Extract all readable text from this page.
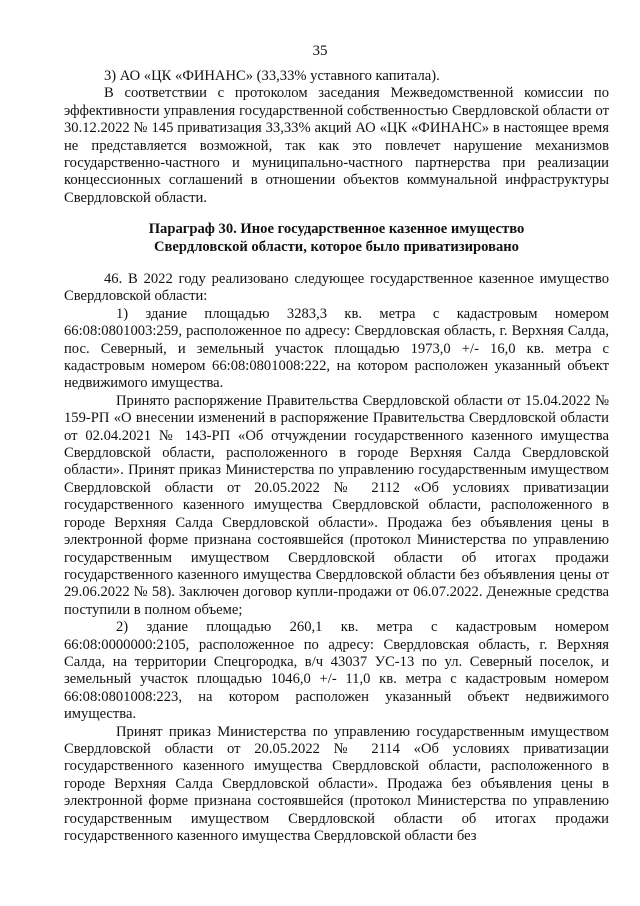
35

3) АО «ЦК «ФИНАНС» (33,33% уставного капитала).

В соответствии с протоколом заседания Межведомственной комиссии по эффективности управления государственной собственностью Свердловской области от 30.12.2022 № 145 приватизация 33,33% акций АО «ЦК «ФИНАНС» в настоящее время не представляется возможной, так как это повлечет нарушение механизмов государственно-частного и муниципально-частного партнерства при реализации концессионных соглашений в отношении объектов коммунальной инфраструктуры Свердловской области.

Параграф 30. Иное государственное казенное имущество

Свердловской области, которое было приватизировано

46. В 2022 году реализовано следующее государственное казенное имущество Свердловской области:

1) здание площадью 3283,3 кв. метра с кадастровым номером 66:08:0801003:259, расположенное по адресу: Свердловская область, г. Верхняя Салда, пос. Северный, и земельный участок площадью 1973,0 +/- 16,0 кв. метра с кадастровым номером 66:08:0801008:222, на котором расположен указанный объект недвижимого имущества.

Принято распоряжение Правительства Свердловской области от 15.04.2022 № 159-РП «О внесении изменений в распоряжение Правительства Свердловской области от 02.04.2021 № 143-РП «Об отчуждении государственного казенного имущества Свердловской области, расположенного в городе Верхняя Салда Свердловской области». Принят приказ Министерства по управлению государственным имуществом Свердловской области от 20.05.2022 № 2112 «Об условиях приватизации государственного казенного имущества Свердловской области, расположенного в городе Верхняя Салда Свердловской области». Продажа без объявления цены в электронной форме признана состоявшейся (протокол Министерства по управлению государственным имуществом Свердловской области об итогах продажи государственного казенного имущества Свердловской области без объявления цены от 29.06.2022 № 58). Заключен договор купли-продажи от 06.07.2022. Денежные средства поступили в полном объеме;

2) здание площадью 260,1 кв. метра с кадастровым номером 66:08:0000000:2105, расположенное по адресу: Свердловская область, г. Верхняя Салда, на территории Спецгородка, в/ч 43037 УС-13 по ул. Северный поселок, и земельный участок площадью 1046,0 +/- 11,0 кв. метра с кадастровым номером 66:08:0801008:223, на котором расположен указанный объект недвижимого имущества.

Принят приказ Министерства по управлению государственным имуществом Свердловской области от 20.05.2022 № 2114 «Об условиях приватизации государственного казенного имущества Свердловской области, расположенного в городе Верхняя Салда Свердловской области». Продажа без объявления цены в электронной форме признана состоявшейся (протокол Министерства по управлению государственным имуществом Свердловской области об итогах продажи государственного казенного имущества Свердловской области без
